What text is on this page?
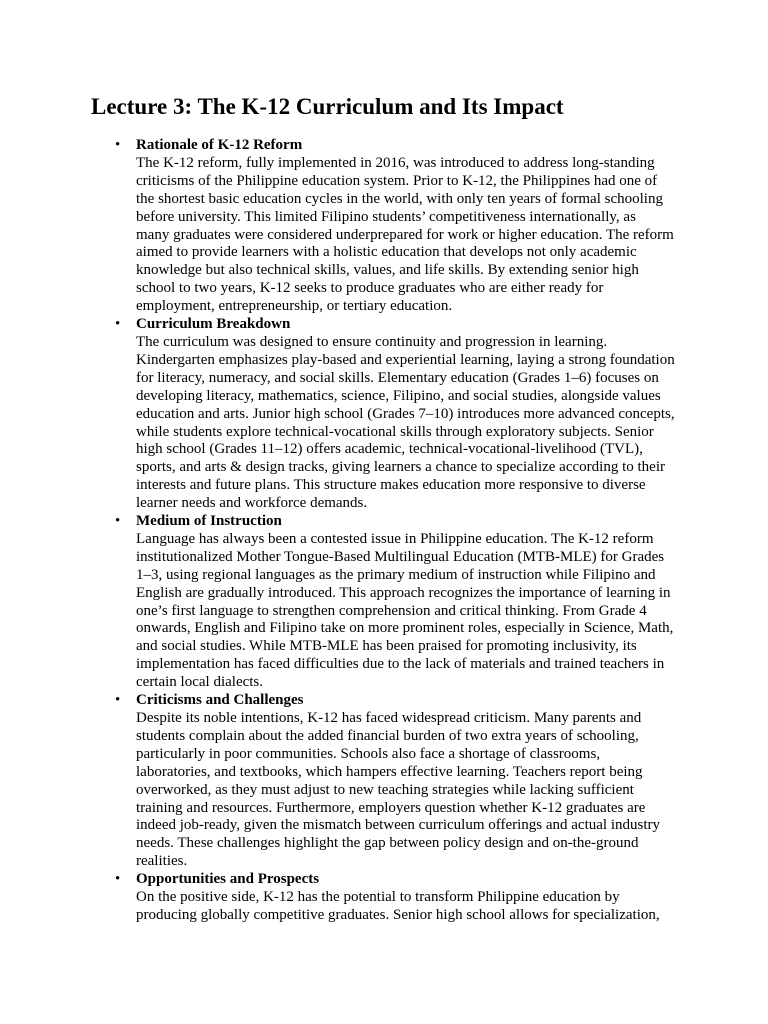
Lecture 3: The K-12 Curriculum and Its Impact
• Rationale of K-12 Reform

The K-12 reform, fully implemented in 2016, was introduced to address long-standing
criticisms of the Philippine education system. Prior to K-12, the Philippines had one of
the shortest basic education cycles in the world, with only ten years of formal schooling
before university. This limited Filipino students’ competitiveness internationally, as
many graduates were considered underprepared for work or higher education. The reform
aimed to provide learners with a holistic education that develops not only academic
knowledge but also technical skills, values, and life skills. By extending senior high
school to two years, K-12 seeks to produce graduates who are either ready for
employment, entrepreneurship, or tertiary education.

• Curriculum Breakdown

The curriculum was designed to ensure continuity and progression in learning.
Kindergarten emphasizes play-based and experiential learning, laying a strong foundation
for literacy, numeracy, and social skills. Elementary education (Grades 1–6) focuses on
developing literacy, mathematics, science, Filipino, and social studies, alongside values
education and arts. Junior high school (Grades 7–10) introduces more advanced concepts,
while students explore technical-vocational skills through exploratory subjects. Senior
high school (Grades 11–12) offers academic, technical-vocational-livelihood (TVL),
sports, and arts & design tracks, giving learners a chance to specialize according to their
interests and future plans. This structure makes education more responsive to diverse
learner needs and workforce demands.

• Medium of Instruction

Language has always been a contested issue in Philippine education. The K-12 reform
institutionalized Mother Tongue-Based Multilingual Education (MTB-MLE) for Grades
1–3, using regional languages as the primary medium of instruction while Filipino and
English are gradually introduced. This approach recognizes the importance of learning in
one’s first language to strengthen comprehension and critical thinking. From Grade 4
onwards, English and Filipino take on more prominent roles, especially in Science, Math,
and social studies. While MTB-MLE has been praised for promoting inclusivity, its
implementation has faced difficulties due to the lack of materials and trained teachers in
certain local dialects.

• Criticisms and Challenges

Despite its noble intentions, K-12 has faced widespread criticism. Many parents and
students complain about the added financial burden of two extra years of schooling,
particularly in poor communities. Schools also face a shortage of classrooms,
laboratories, and textbooks, which hampers effective learning. Teachers report being
overworked, as they must adjust to new teaching strategies while lacking sufficient
training and resources. Furthermore, employers question whether K-12 graduates are
indeed job-ready, given the mismatch between curriculum offerings and actual industry
needs. These challenges highlight the gap between policy design and on-the-ground
realities.

• Opportunities and Prospects

On the positive side, K-12 has the potential to transform Philippine education by
producing globally competitive graduates. Senior high school allows for specialization,
